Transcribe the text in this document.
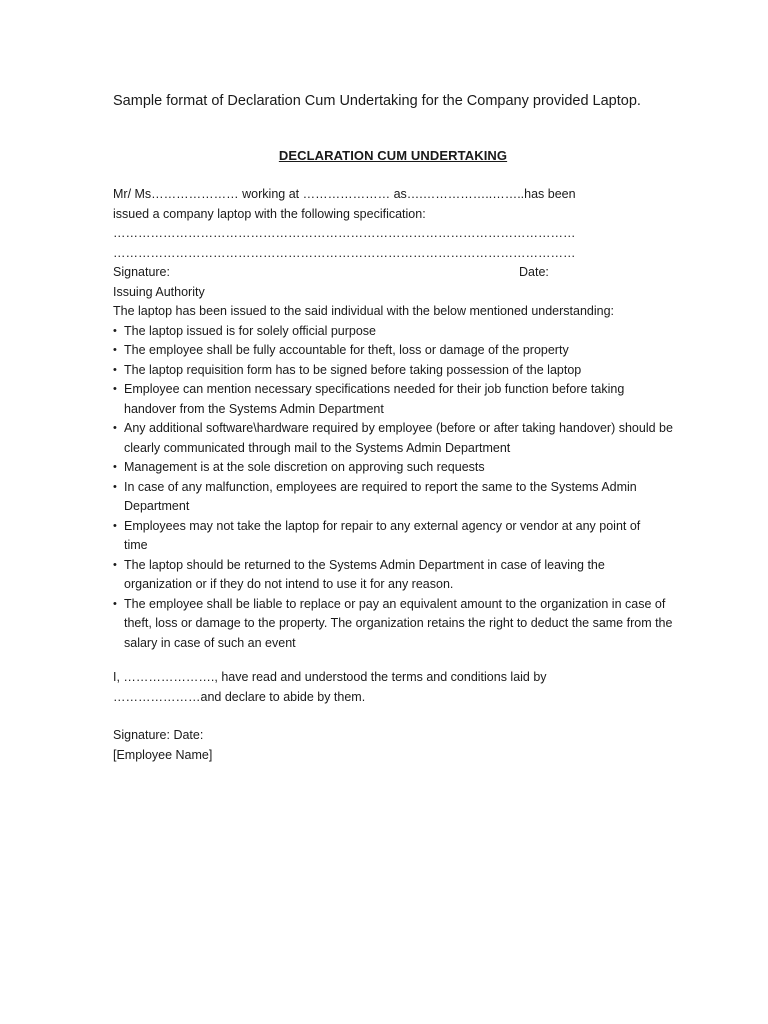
Sample format of Declaration Cum Undertaking for the Company provided Laptop.
DECLARATION CUM UNDERTAKING
Mr/ Ms………………… working at ………………… as….……………..……..has been
issued a company laptop with the following specification:
…………………………………………………………………………………………………
…………………………………………………………………………………………………
Signature:	Date:
Issuing Authority
The laptop has been issued to the said individual with the below mentioned understanding:
• The laptop issued is for solely official purpose
• The employee shall be fully accountable for theft, loss or damage of the property
• The laptop requisition form has to be signed before taking possession of the laptop
• Employee can mention necessary specifications needed for their job function before taking handover from the Systems Admin Department
• Any additional software\hardware required by employee (before or after taking handover) should be clearly communicated through mail to the Systems Admin Department
• Management is at the sole discretion on approving such requests
• In case of any malfunction, employees are required to report the same to the Systems Admin Department
• Employees may not take the laptop for repair to any external agency or vendor at any point of time
• The laptop should be returned to the Systems Admin Department in case of leaving the organization or if they do not intend to use it for any reason.
• The employee shall be liable to replace or pay an equivalent amount to the organization in case of theft, loss or damage to the property. The organization retains the right to deduct the same from the salary in case of such an event
I, …………………., have read and understood the terms and conditions laid by
…………………and declare to abide by them.
Signature: Date:
[Employee Name]
